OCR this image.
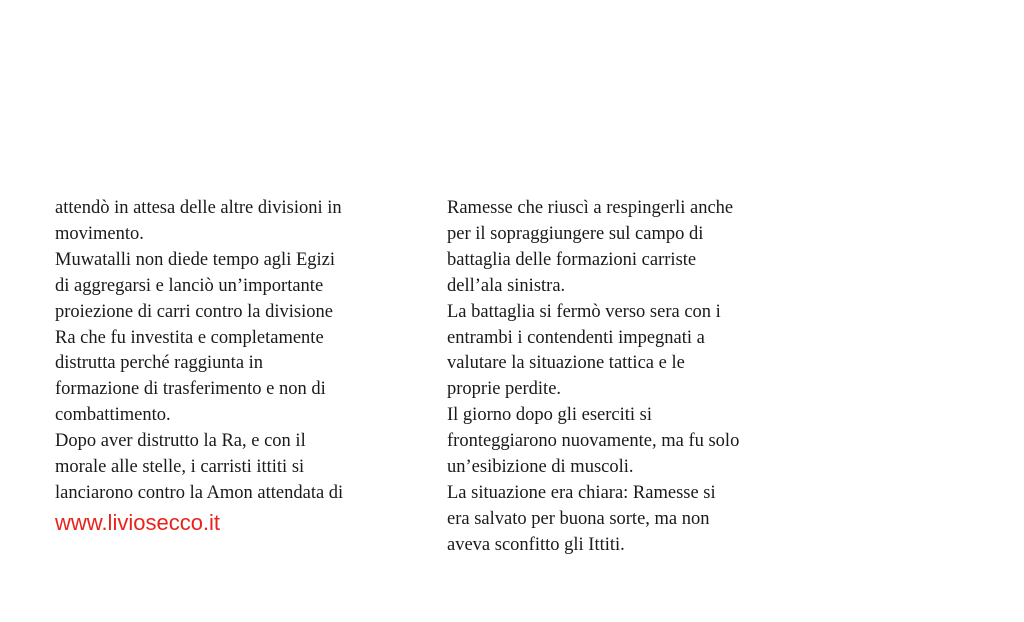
attendò in attesa delle altre divisioni in
movimento.
Muwatalli non diede tempo agli Egizi
di aggregarsi e lanciò un’importante
proiezione di carri contro la divisione
Ra che fu investita e completamente
distrutta perché raggiunta in
formazione di trasferimento e non di
combattimento.
Dopo aver distrutto la Ra, e con il
morale alle stelle, i carristi ittiti si
lanciarono contro la Amon attendata di
www.liviosecco.it
Ramesse che riuscì a respingerli anche
per il sopraggiungere sul campo di
battaglia delle formazioni carriste
dell’ala sinistra.
La battaglia si fermò verso sera con i
entrambi i contendenti impegnati a
valutare la situazione tattica e le
proprie perdite.
Il giorno dopo gli eserciti si
fronteggiarono nuovamente, ma fu solo
un’esibizione di muscoli.
La situazione era chiara: Ramesse si
era salvato per buona sorte, ma non
aveva sconfitto gli Ittiti.
